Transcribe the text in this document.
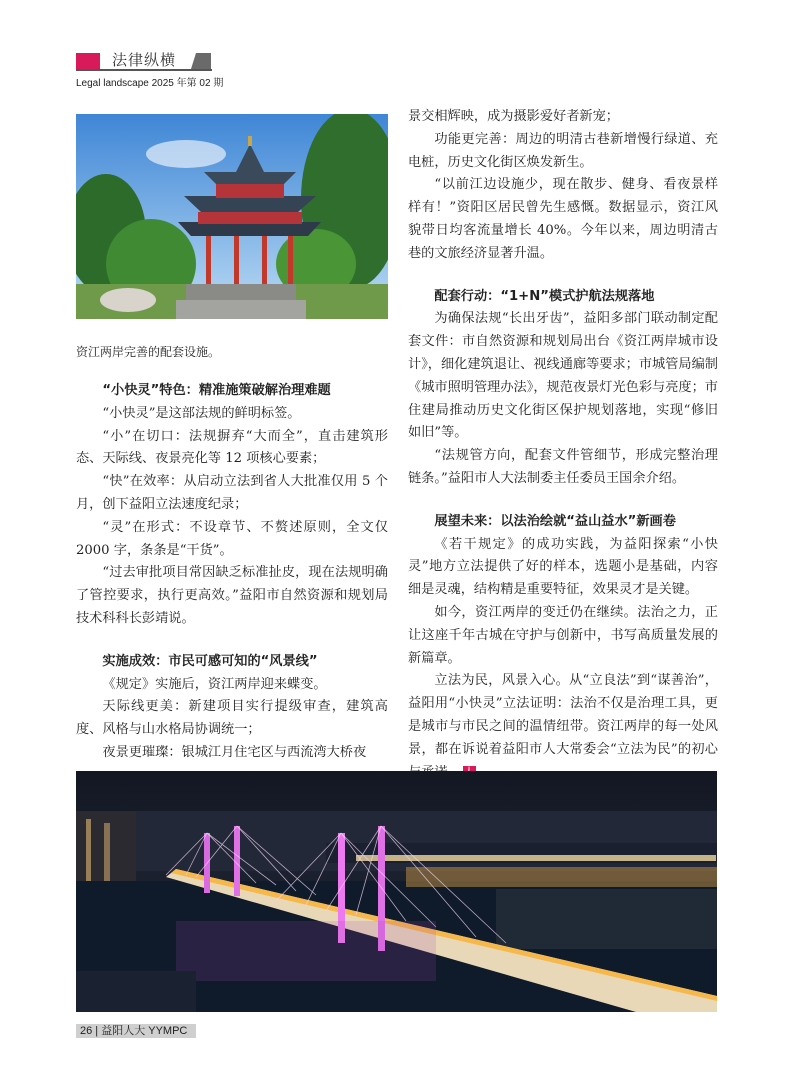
法律纵横
Legal landscape 2025 年第 02 期
资江两岸完善的配套设施。
“小快灵”特色：精准施策破解治理难题

“小快灵”是这部法规的鲜明标签。

“小”在切口：法规摒弃“大而全”，直击建筑形态、天际线、夜景亮化等 12 项核心要素；

“快”在效率：从启动立法到省人大批准仅用 5 个月，创下益阳立法速度纪录；

“灵”在形式：不设章节、不赘述原则，全文仅 2000 字，条条是“干货”。

“过去审批项目常因缺乏标准扯皮，现在法规明确了管控要求，执行更高效。”益阳市自然资源和规划局技术科科长彭靖说。

实施成效：市民可感可知的“风景线”

《规定》实施后，资江两岸迎来蝶变。

天际线更美：新建项目实行提级审查，建筑高度、风格与山水格局协调统一；

夜景更璀璨：银城江月住宅区与西流湾大桥夜

景交相辉映，成为摄影爱好者新宠；

功能更完善：周边的明清古巷新增慢行绿道、充电桩，历史文化街区焕发新生。

“以前江边设施少，现在散步、健身、看夜景样样有！”资阳区居民曾先生感慨。数据显示，资江风貌带日均客流量增长 40%。今年以来，周边明清古巷的文旅经济显著升温。

配套行动：“1+N”模式护航法规落地

为确保法规“长出牙齿”，益阳多部门联动制定配套文件：市自然资源和规划局出台《资江两岸城市设计》，细化建筑退让、视线通廊等要求；市城管局编制《城市照明管理办法》，规范夜景灯光色彩与亮度；市住建局推动历史文化街区保护规划落地，实现“修旧如旧”等。

“法规管方向，配套文件管细节，形成完整治理链条。”益阳市人大法制委主任委员王国余介绍。

展望未来：以法治绘就“益山益水”新画卷

《若干规定》的成功实践，为益阳探索“小快灵”地方立法提供了好的样本，选题小是基础，内容细是灵魂，结构精是重要特征，效果灵才是关键。

如今，资江两岸的变迁仍在继续。法治之力，正让这座千年古城在守护与创新中，书写高质量发展的新篇章。

立法为民，风景入心。从“立良法”到“谋善治”，益阳用“小快灵”立法证明：法治不仅是治理工具，更是城市与市民之间的温情纽带。资江两岸的每一处风景，都在诉说着益阳市人大常委会“立法为民”的初心

26 | 益阳人大 YYMPC
